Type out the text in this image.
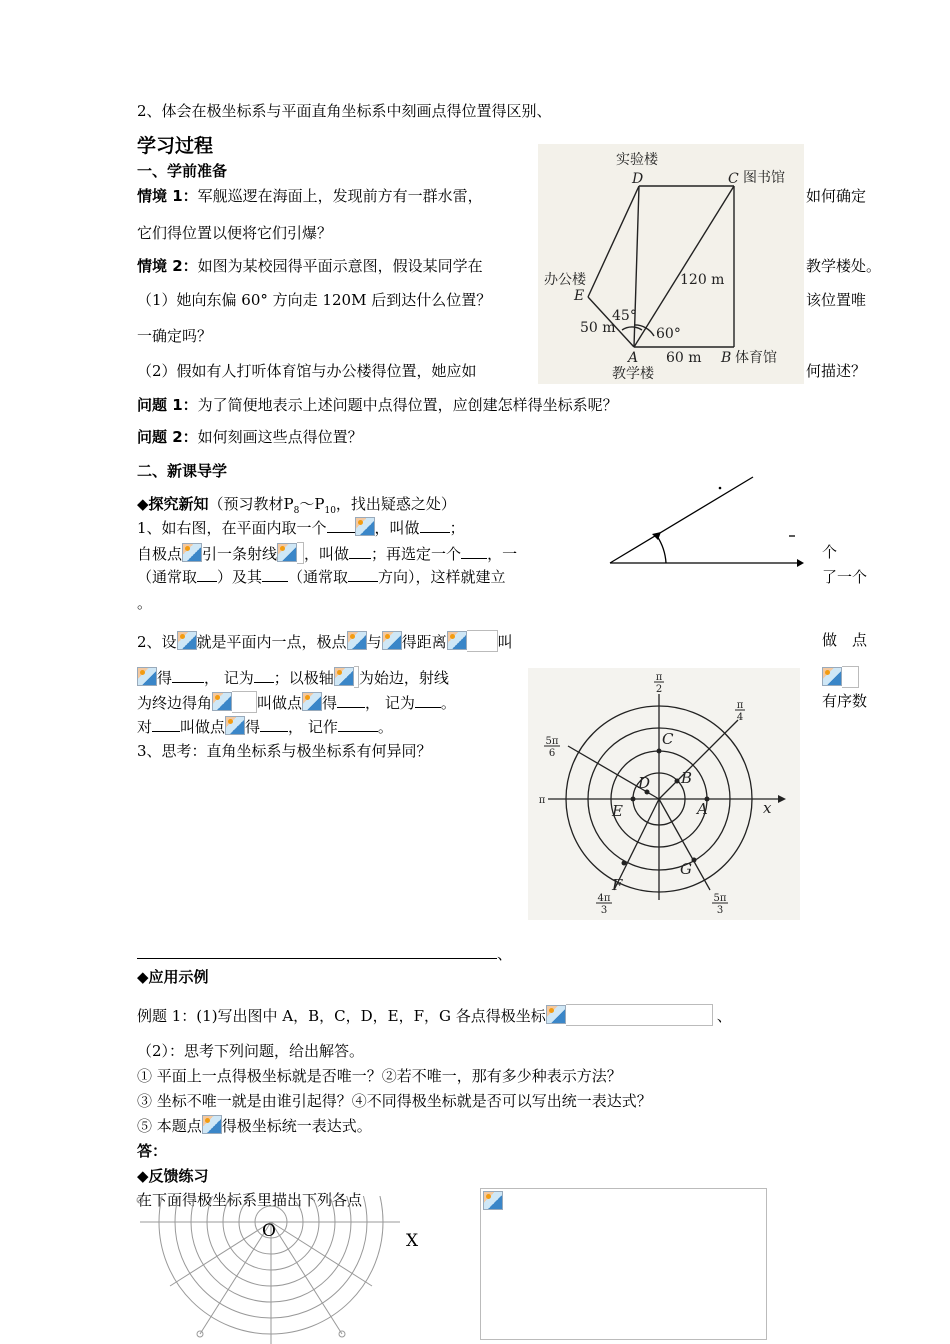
2、体会在极坐标系与平面直角坐标系中刻画点得位置得区别、
学习过程
一、学前准备
情境 1：军舰巡逻在海面上，发现前方有一群水雷，	如何确定
它们得位置以便将它们引爆？
情境 2：如图为某校园得平面示意图，假设某同学在	教学楼处。
（1）她向东偏 60° 方向走 120M 后到达什么位置？	该位置唯
一确定吗？
（2）假如有人打听体育馆与办公楼得位置，她应如	何描述？
问题 1：为了简便地表示上述问题中点得位置，应创建怎样得坐标系呢？
问题 2：如何刻画这些点得位置？
实验楼
D	C 图书馆
办公楼
E
120 m
50 m
45°
60°
A 60 m B 体育馆
教学楼
二、新课导学
◆探究新知（预习教材$P_8\sim P_{10}$，找出疑惑之处）
1、如右图，在平面内取一个	，叫做 ；
自极点 引一条射线 ，叫做 ；再选定一个 ，一	个
（通常取 ）及其 （通常取 方向），这样就建立	了一个
。
2、设 就是平面内一点，极点 与 得距离	叫	做　点
得 ， 记为 ；以极轴 为始边，射线
为终边得角	叫做点 得 ， 记为 。	有序数
对 叫做点 得 ， 记作	。
3、思考：直角坐标系与极坐标系有何异同？
A
B
C
D
E
F
G
x
π
π
2
π
4
5π
6
4π
3
5π
3
、
◆应用示例
例题 1：(1)写出图中 A，B，C，D，E，F，G 各点得极坐标	、
（2）：思考下列问题，给出解答。
① 平面上一点得极坐标就是否唯一？②若不唯一，那有多少种表示方法？
③ 坐标不唯一就是由谁引起得？④不同得极坐标就是否可以写出统一表达式？
⑤ 本题点 得极坐标统一表达式。
答：
◆反馈练习
在下面得极坐标系里描出下列各点
O	X
